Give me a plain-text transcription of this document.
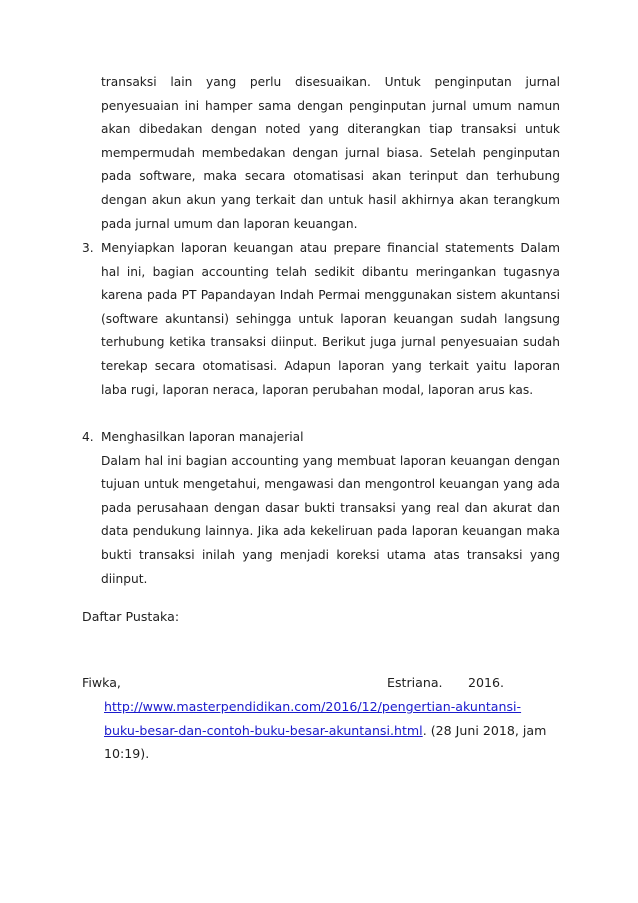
transaksi lain yang perlu disesuaikan. Untuk penginputan jurnal penyesuaian ini hamper sama dengan penginputan jurnal umum namun akan dibedakan dengan noted yang diterangkan tiap transaksi untuk mempermudah membedakan dengan jurnal biasa. Setelah penginputan pada software, maka secara otomatisasi akan terinput dan terhubung dengan akun akun yang terkait dan untuk hasil akhirnya akan terangkum pada jurnal umum dan laporan keuangan.

3. Menyiapkan laporan keuangan atau prepare financial statements Dalam hal ini, bagian accounting telah sedikit dibantu meringankan tugasnya karena pada PT Papandayan Indah Permai menggunakan sistem akuntansi (software akuntansi) sehingga untuk laporan keuangan sudah langsung terhubung ketika transaksi diinput. Berikut juga jurnal penyesuaian sudah terekap secara otomatisasi. Adapun laporan yang terkait yaitu laporan laba rugi, laporan neraca, laporan perubahan modal, laporan arus kas.

4. Menghasilkan laporan manajerial

Dalam hal ini bagian accounting yang membuat laporan keuangan dengan tujuan untuk mengetahui, mengawasi dan mengontrol keuangan yang ada pada perusahaan dengan dasar bukti transaksi yang real dan akurat dan data pendukung lainnya. Jika ada kekeliruan pada laporan keuangan maka bukti transaksi inilah yang menjadi koreksi utama atas transaksi yang diinput.

Daftar Pustaka:
Fiwka,	Estriana. 2016.

http://www.masterpendidikan.com/2016/12/pengertian-akuntansi-buku-besar-dan-contoh-buku-besar-akuntansi.html. (28 Juni 2018, jam 10:19).
